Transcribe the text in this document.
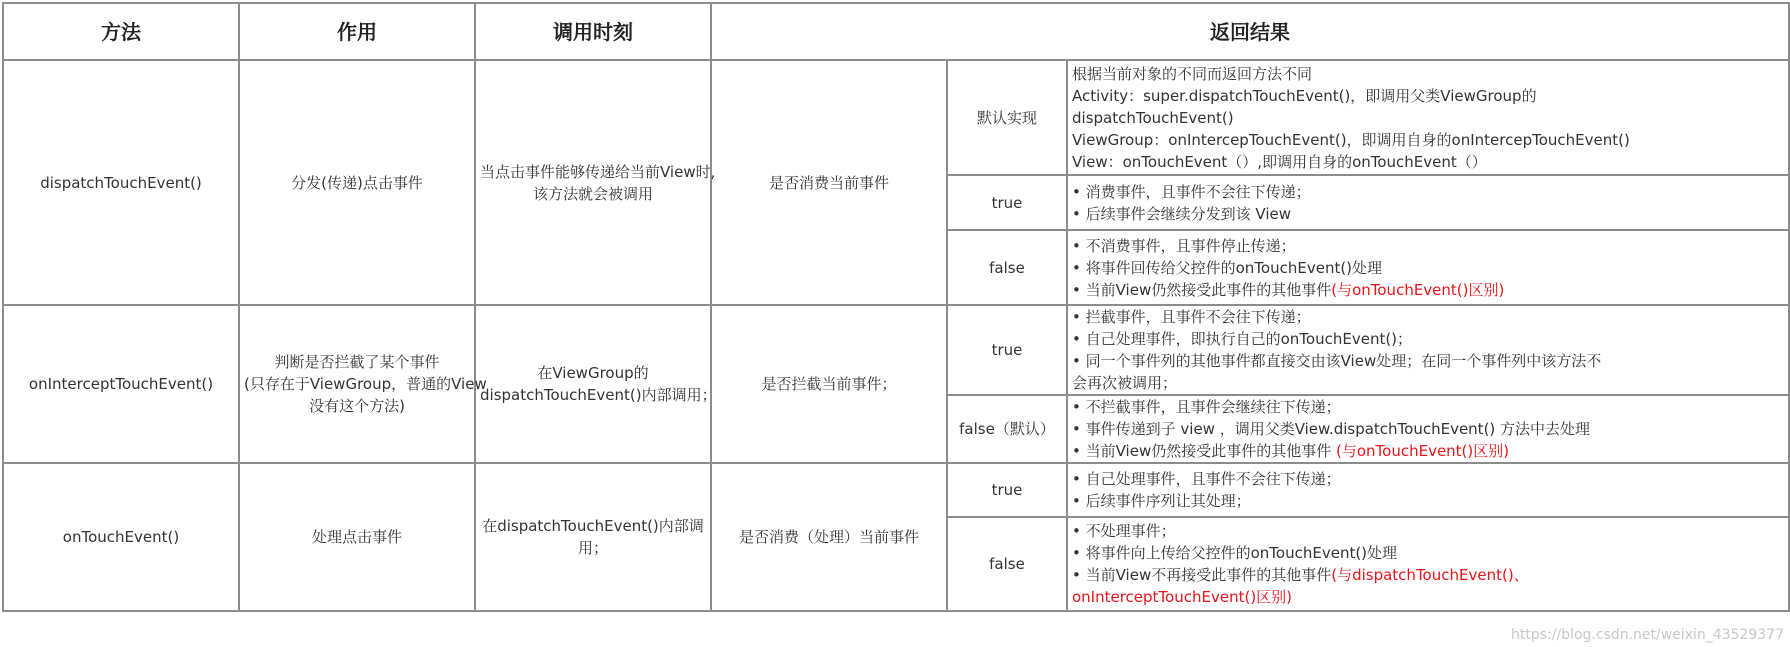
方法	作用	调用时刻	返回结果		
dispatchTouchEvent()	分发(传递)点击事件	当点击事件能够传递给当前View时,
该方法就会被调用	是否消费当前事件	默认实现	根据当前对象的不同而返回方法不同
Activity：super.dispatchTouchEvent()，即调用父类ViewGroup的
dispatchTouchEvent()
ViewGroup：onIntercepTouchEvent()，即调用自身的onIntercepTouchEvent()
View：onTouchEvent（）,即调用自身的onTouchEvent（）

				true	• 消费事件，且事件不会往下传递；
• 后续事件会继续分发到该 View

				false	• 不消费事件，且事件停止传递；
• 将事件回传给父控件的onTouchEvent()处理
• 当前View仍然接受此事件的其他事件(与onTouchEvent()区别)

onInterceptTouchEvent()	判断是否拦截了某个事件
(只存在于ViewGroup，普通的View
没有这个方法)	在ViewGroup的
dispatchTouchEvent()内部调用；	是否拦截当前事件；	true	• 拦截事件，且事件不会往下传递；
• 自己处理事件，即执行自己的onTouchEvent()；
• 同一个事件列的其他事件都直接交由该View处理；在同一个事件列中该方法不
会再次被调用；

				false（默认）	• 不拦截事件，且事件会继续往下传递；
• 事件传递到子 view ，调用父类View.dispatchTouchEvent() 方法中去处理
• 当前View仍然接受此事件的其他事件 (与onTouchEvent()区别)

onTouchEvent()	处理点击事件	在dispatchTouchEvent()内部调用；	是否消费（处理）当前事件	true	• 自己处理事件，且事件不会往下传递；
• 后续事件序列让其处理；

				false	• 不处理事件；
• 将事件向上传给父控件的onTouchEvent()处理
• 当前View不再接受此事件的其他事件(与dispatchTouchEvent()、
onInterceptTouchEvent()区别)
https://blog.csdn.net/weixin_43529377
